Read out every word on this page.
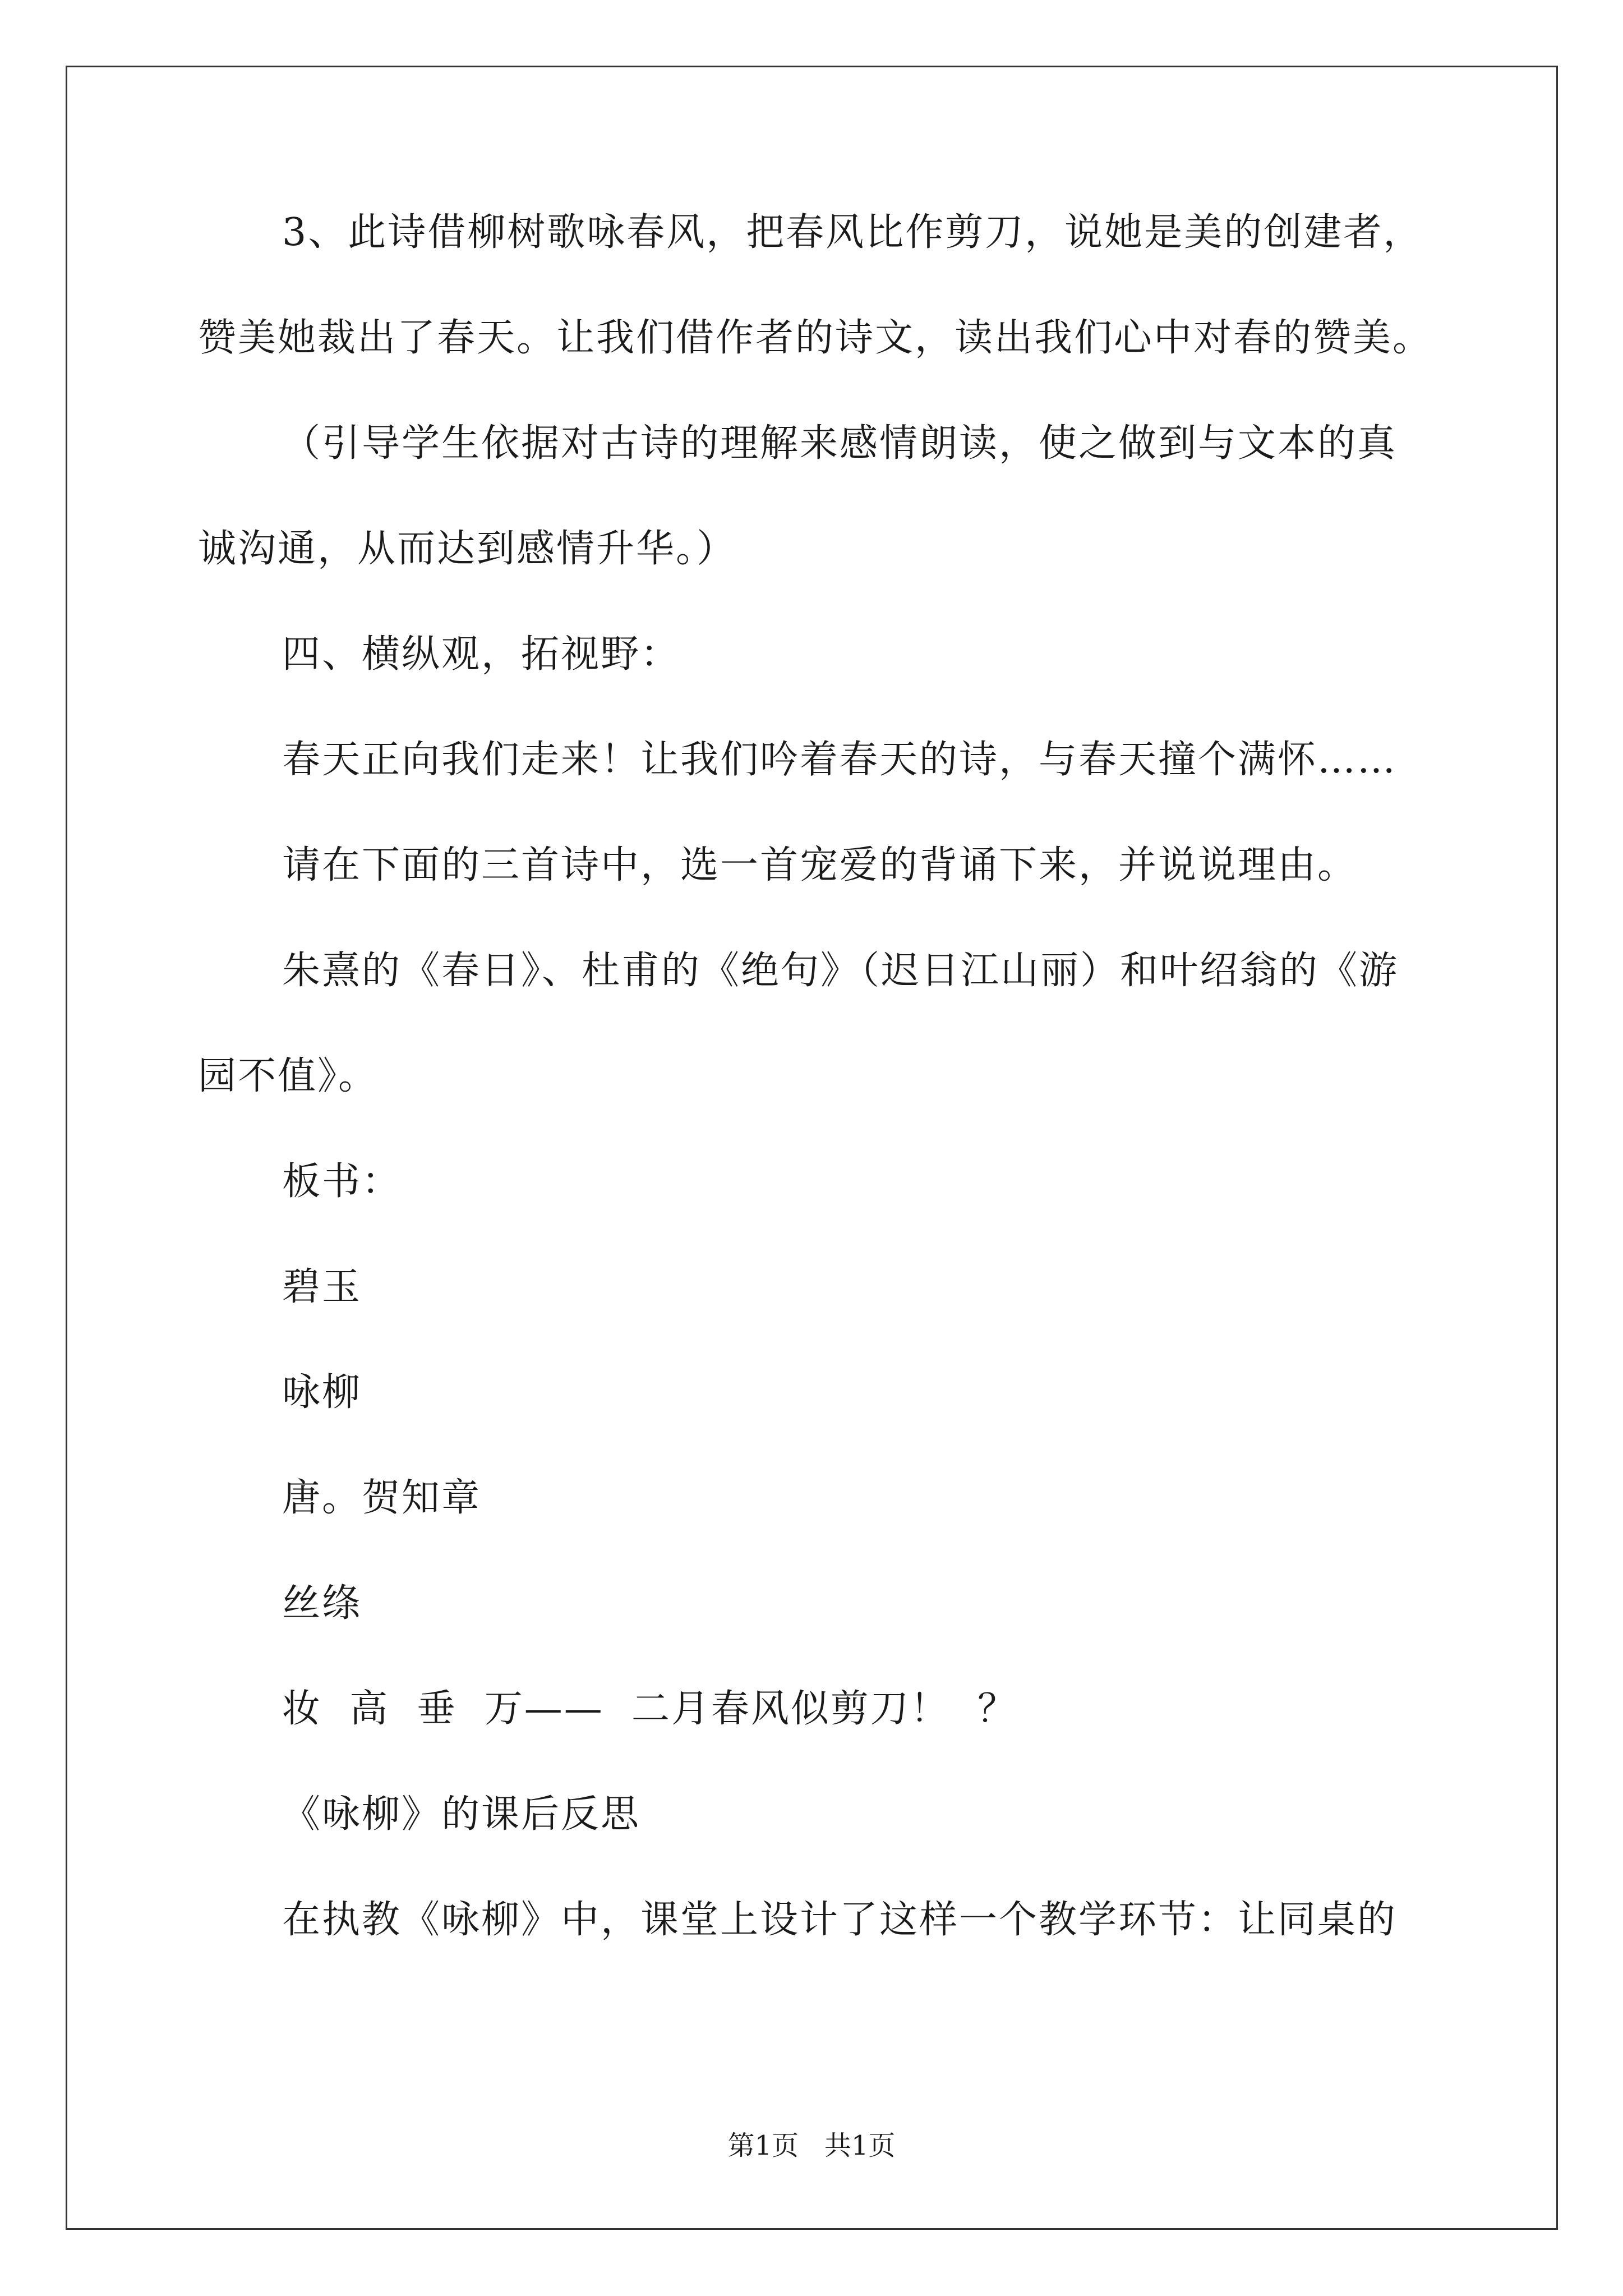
3、此诗借柳树歌咏春风，把春风比作剪刀，说她是美的创建者，
赞美她裁出了春天。让我们借作者的诗文，读出我们心中对春的赞美。
（引导学生依据对古诗的理解来感情朗读，使之做到与文本的真
诚沟通，从而达到感情升华。）
四、横纵观，拓视野：
春天正向我们走来！让我们吟着春天的诗，与春天撞个满怀……
请在下面的三首诗中，选一首宠爱的背诵下来，并说说理由。
朱熹的《春日》、杜甫的《绝句》（迟日江山丽）和叶绍翁的《游
园不值》。
板书：
碧玉
咏柳
唐。贺知章
丝绦
妆  高  垂  万——  二月春风似剪刀！  ？
《咏柳》的课后反思
在执教《咏柳》中，课堂上设计了这样一个教学环节：让同桌的
第1页   共1页
